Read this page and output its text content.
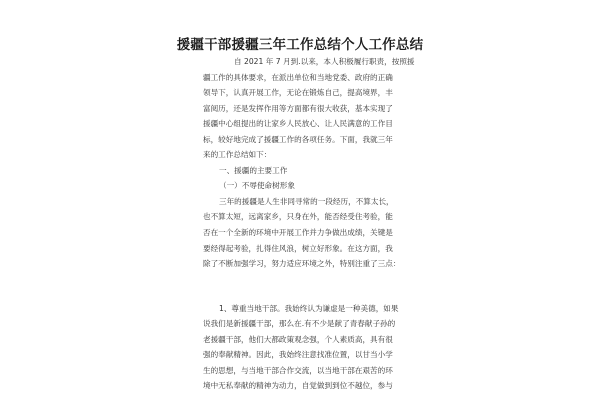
援疆干部援疆三年工作总结个人工作总结
自 2021 年 7 月到.以来，本人积极履行职责，按照援
疆工作的具体要求，在派出单位和当地党委、政府的正确
领导下，认真开展工作，无论在锻炼自己，提高境界，丰
富阅历，还是发挥作用等方面都有很大收获，基本实现了
援疆中心组提出的让家乡人民放心、让人民满意的工作目
标，较好地完成了援疆工作的各项任务。下面，我就三年
来的工作总结如下：
一、援疆的主要工作
（一）不辱使命树形象
三年的援疆是人生非同寻常的一段经历，不算太长，
也不算太短，远离家乡，只身在外，能否经受住考验，能
否在一个全新的环境中开展工作并力争做出成绩，关键是
要经得起考验，扎得住风浪，树立好形象。在这方面，我
除了不断加强学习，努力适应环境之外，特别注重了三点：
1、尊重当地干部。我始终认为谦虚是一种美德，如果
说我们是新援疆干部，那么在.有不少是献了青春献子孙的
老援疆干部，他们大都政策观念强，个人素质高，具有很
强的奉献精神。因此，我始终注意找准位置，以甘当小学
生的思想，与当地干部合作交流，以当地干部在艰苦的环
境中无私奉献的精神为动力，自觉做到到位不越位，参与
